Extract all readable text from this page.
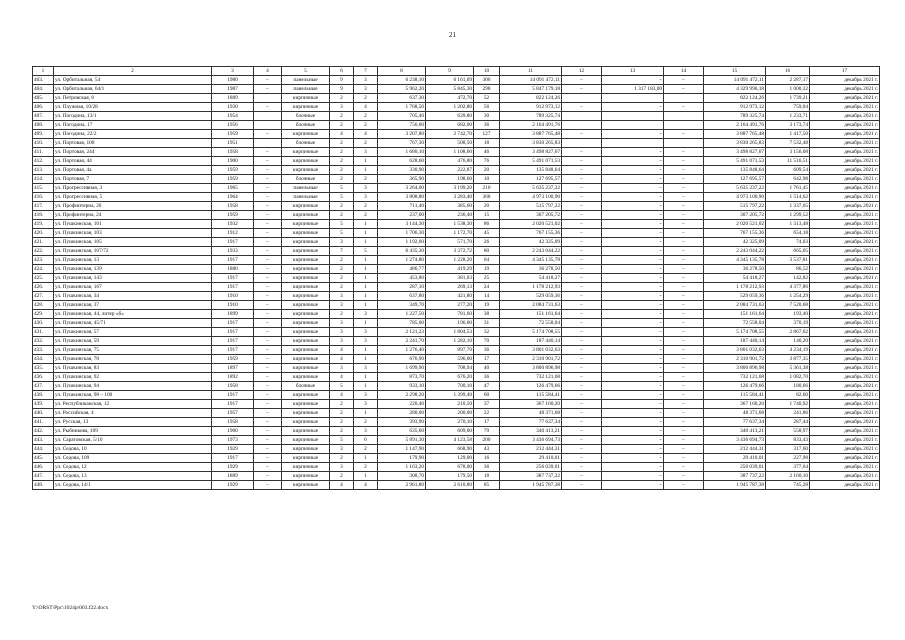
21
1	2	3	4	5	6	7	8	9	10	11	12	13	14	15	16	17
403.	ул. Орбитальная, 54	1980	–	панельные	9	3	6 238,10	6 161,09	306	14 091 472,11	–	–	–	14 091 472,11	2 287,17	декабрь 2021 г.
404.	ул. Орбитальная, 64/1	1987	–	панельные	9	3	5 962,20	5 845,30	298	5 847 179,18	–	1 317 183,00	–	4 329 996,18	1 000,32	декабрь 2021 г.
405.	ул. Петровская, 8	1889		кирпичные	2	2	637,30	472,70	52	822 124,26				822 124,26	1 739,21	декабрь 2021 г.
406.	ул. Плужная, 10/28	1930	–	кирпичные	3	4	1 768,50	1 202,80	56	912 973,12	–	–	–	912 973,12	759,04	декабрь 2021 г.
407.	ул. Погодина, 13/1	1954		блочные	2	2	705,40	639,80	30	789 325,74				789 325,74	1 233,71	декабрь 2021 г.
408.	ул. Погодина, 17	1956		блочные	2	2	756,60	682,00	36	2 164 491,76				2 164 491,76	3 173,74	декабрь 2021 г.
409.	ул. Погодина, 22/2	1959	–	кирпичные	4	4	3 207,80	2 742,70	127	3 887 765,48	–	–	–	3 887 765,48	1 417,50	декабрь 2021 г.
410.	ул. Портовая, 108	1951		блочные	2	2	767,30	508,50	18	3 830 265,83				3 830 265,83	7 532,48	декабрь 2021 г.
411.	ул. Портовая, 244	1958	–	кирпичные	2	3	1 680,10	1 108,60	46	3 498 827,67	–	–	–	3 498 827,67	3 156,08	декабрь 2021 г.
412.	ул. Портовая, 44	1900	–	кирпичные	2	1	628,60	476,80	76	5 491 071,53	–	–	–	5 491 071,53	11 516,51	декабрь 2021 г.
413.	ул. Портовая, 4а	1959	–	кирпичные	2	1	330,90	222,87	20	135 848,64	–	–	–	135 848,64	609,54	декабрь 2021 г.
414.	ул. Портовая, 7	1959	–	блочные	2	2	365,90	198,60	10	127 695,57	–	–	–	127 695,57	642,98	декабрь 2021 г.
415.	ул. Прогрессивная, 3	1965	–	панельные	5	3	3 264,00	3 199,20	210	5 635 237,22	–	–	–	5 635 237,22	1 761,45	декабрь 2021 г.
416.	ул. Прогрессивная, 5	1964	–	панельные	5	3	3 808,80	3 283,40	368	4 973 100,90	–	–	–	4 973 100,90	1 514,62	декабрь 2021 г.
417.	ул. Профинтерна, 20	1958	–	кирпичные	2	2	711,40	385,60	20	515 797,22	–	–	–	515 797,22	1 337,65	декабрь 2021 г.
418.	ул. Профинтерна, 24	1959	–	кирпичные	2	2	237,00	236,40	15	307 205,72	–	–	–	307 205,72	1 299,52	декабрь 2021 г.
419.	ул. Пушкинская, 101	1932	–	кирпичные	5	1	3 144,30	1 538,30	86	2 020 521,02	–	–	–	2 020 521,02	1 313,48	декабрь 2021 г.
420.	ул. Пушкинская, 103	1912	–	кирпичные	5	1	1 706,30	1 172,70	45	767 155,36	–	–	–	767 155,36	654,18	декабрь 2021 г.
421.	ул. Пушкинская, 105	1917	–	кирпичные	3	1	1 192,60	571,70	26	42 325,09	–	–	–	42 325,09	74,03	декабрь 2021 г.
422.	ул. Пушкинская, 107/72	1933	–	кирпичные	7	5	6 435,30	3 372,72	80	2 243 044,22	–	–	–	2 243 044,22	665,05	декабрь 2021 г.
423.	ул. Пушкинская, 13	1917	–	кирпичные	2	1	1 274,80	1 228,20	64	4 345 135,78	–	–	–	4 345 135,78	3 537,81	декабрь 2021 г.
424.	ул. Пушкинская, 139	1880	–	кирпичные	2	1	486,77	419,29	19	36 278,50	–	–	–	36 278,50	86,52	декабрь 2021 г.
425.	ул. Пушкинская, 143	1917	–	кирпичные	2	1	453,80	381,03	25	54 418,27	–	–	–	54 418,27	142,82	декабрь 2021 г.
426.	ул. Пушкинская, 167	1917	–	кирпичные	2	1	287,10	269,13	24	1 178 212,93	–	–	–	1 178 212,93	4 377,86	декабрь 2021 г.
427.	ул. Пушкинская, 34	1910	–	кирпичные	3	1	637,80	421,80	14	529 059,36	–	–	–	529 059,36	1 254,29	декабрь 2021 г.
428.	ул. Пушкинская, 37	1910	–	кирпичные	3	1	349,70	277,20	19	2 084 731,63	–	–	–	2 084 731,63	7 520,68	декабрь 2021 г.
429.	ул. Пушкинская, 44, литер «б»	1899	–	кирпичные	2	3	1 227,50	781,60	38	151 161,64	–	–	–	151 161,64	193,40	декабрь 2021 г.
430.	ул. Пушкинская, 45/71	1917	–	кирпичные	3	1	785,00	196,00	31	72 558,04	–	–	–	72 558,04	370,19	декабрь 2021 г.
431.	ул. Пушкинская, 57	1917	–	кирпичные	3	3	2 121,23	1 804,53	32	5 174 708,55	–	–	–	5 174 708,55	2 867,62	декабрь 2021 г.
432.	ул. Пушкинская, 59	1917	–	кирпичные	3	3	2 241,70	1 282,10	70	187 440,14	–	–	–	187 440,14	146,20	декабрь 2021 г.
433.	ул. Пушкинская, 75	1917	–	кирпичные	4	1	1 276,40	897,70	36	3 801 032,63	–	–	–	3 801 032,63	4 234,19	декабрь 2021 г.
434.	ул. Пушкинская, 78	1959	–	кирпичные	4	1	676,90	596,00	17	2 310 901,72	–	–	–	2 310 901,72	3 877,35	декабрь 2021 г.
435.	ул. Пушкинская, 83	1897	–	кирпичные	3	3	1 699,90	708,94	40	3 800 896,98	–	–	–	3 800 896,98	5 361,38	декабрь 2021 г.
436.	ул. Пушкинская, 92	1892	–	кирпичные	4	1	873,70	676,20	36	732 121,68	–	–	–	732 121,68	1 082,70	декабрь 2021 г.
437.	ул. Пушкинская, 94	1958	–	блочные	5	1	933,10	700,10	47	126 479,66	–	–	–	126 479,66	180,66	декабрь 2021 г.
438.	ул. Пушкинская, 98 – 100	1917	–	кирпичные	4	3	2 298,20	1 399,40	60	115 584,41	–	–	–	115 584,41	82,60	декабрь 2021 г.
439.	ул. Республиканская, 12	1917	–	кирпичные	2	3	220,40	210,50	37	367 160,20	–	–	–	367 160,20	1 740,92	декабрь 2021 г.
440.	ул. Российская, 4	1957	–	кирпичные	2	1	280,00	200,00	22	48 371,68	–	–	–	48 371,68	241,86	декабрь 2021 г.
441.	ул. Русская, 13	1958	–	кирпичные	2	2	393,90	270,10	17	77 637,34	–	–	–	77 637,34	287,44	декабрь 2021 г.
442.	ул. Рыбникова, 109	1900	–	кирпичные	2	3	635,60	609,00	79	340 413,21	–	–	–	340 413,21	558,97	декабрь 2021 г.
443.	ул. Саратовская, 5/10	1973	–	кирпичные	5	6	5 891,30	4 123,58	200	3 436 694,73	–	–	–	3 436 694,73	833,43	декабрь 2021 г.
444.	ул. Седова, 10	1929	–	кирпичные	3	2	1 147,90	668,90	43	212 444,31	–	–	–	212 444,31	317,60	декабрь 2021 г.
445.	ул. Седова, 109	1917	–	кирпичные	2	1	179,90	129,00	16	29 410,01	–	–	–	29 410,01	227,98	декабрь 2021 г.
446.	ул. Седова, 12	1929	–	кирпичные	3	2	1 163,20	678,00	36	256 039,01	–	–	–	256 039,01	377,64	декабрь 2021 г.
447.	ул. Седова, 13	1889	–	кирпичные	2	1	308,70	179,50	18	387 737,22	–	–	–	387 737,22	2 160,10	декабрь 2021 г.
448.	ул. Седова, 14/1	1929	–	кирпичные	4	4	2 961,80	2 610,80	85	1 945 787,38	–	–	–	1 945 787,38	745,28	декабрь 2021 г.
Y:\ORST\Ррс\1024р\003.f22.docx
